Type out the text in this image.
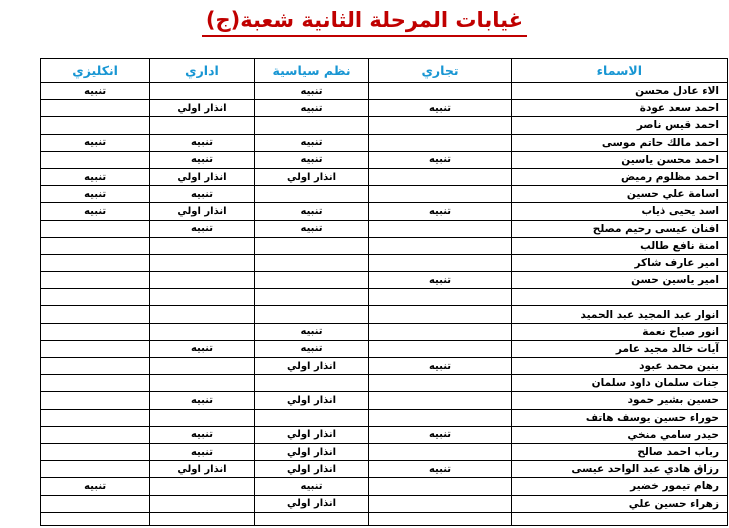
غيابات المرحلة الثانية شعبة(ج)
الاسماء	تجاري	نظم سياسية	اداري	انكليزي
الاء عادل محسن		تنبيه		تنبيه
احمد سعد عودة	تنبيه	تنبيه	انذار اولي	
احمد قيس ناصر				
احمد مالك حاتم موسى		تنبيه	تنبيه	تنبيه
احمد محسن ياسين	تنبيه	تنبيه	تنبيه	
احمد مظلوم رميض		انذار اولي	انذار اولي	تنبيه
اسامة علي حسين			تنبيه	تنبيه
اسد يحيى ذياب	تنبيه	تنبيه	انذار اولي	تنبيه
افنان عيسى رحيم مصلح		تنبيه	تنبيه	
امنة نافع طالب				
امير عارف شاكر				
امير ياسين حسن	تنبيه			

انوار عبد المجيد عبد الحميد				
انور صباح نعمة		تنبيه		
آيات خالد مجيد عامر		تنبيه	تنبيه	
بنين محمد عبود	تنبيه	انذار اولي		
جنات سلمان داود سلمان				
حسين بشير حمود		انذار اولي	تنبيه	
حوراء حسين يوسف هاتف				
حيدر سامي منخي	تنبيه	انذار اولي	تنبيه	
رباب احمد صالح		انذار اولي	تنبيه	
رزاق هادي عبد الواحد عيسى	تنبيه	انذار اولي	انذار اولي	
رهام تيمور خضير		تنبيه		تنبيه
زهراء حسين علي		انذار اولي		
